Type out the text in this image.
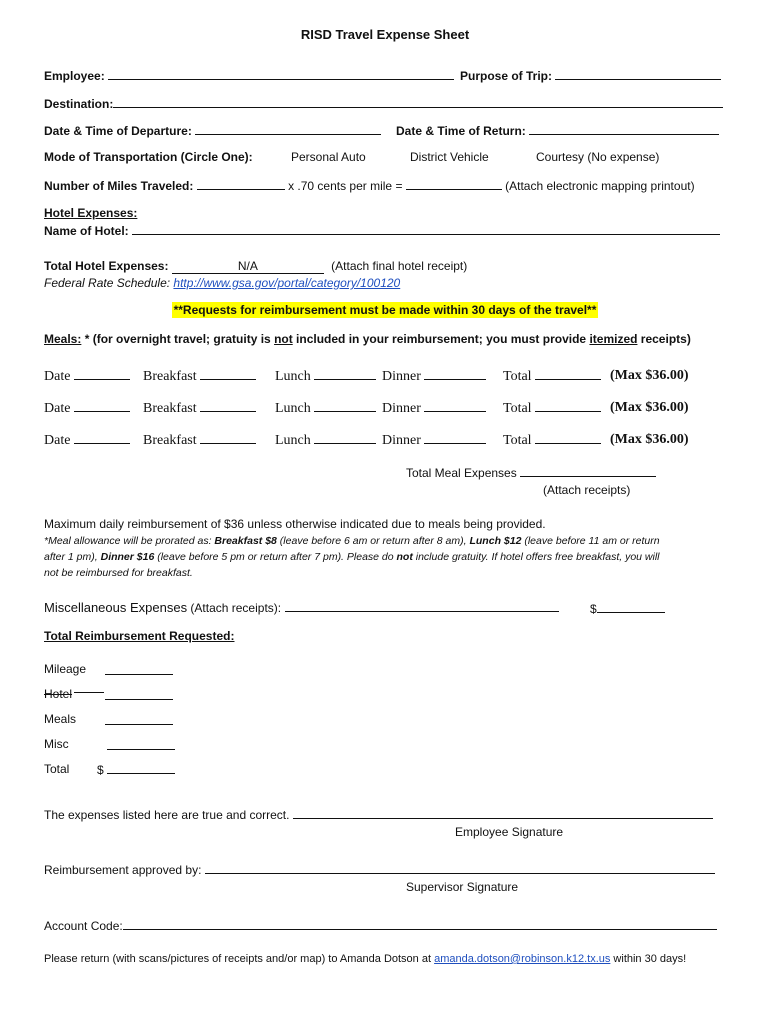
RISD Travel Expense Sheet
Employee:	Purpose of Trip:
Destination:
Date & Time of Departure:	Date & Time of Return:
Mode of Transportation (Circle One):	Personal Auto	District Vehicle	Courtesy (No expense)
Number of Miles Traveled:	x .70 cents per mile =	(Attach electronic mapping printout)
Hotel Expenses:
Name of Hotel:
Total Hotel Expenses:	N/A	(Attach final hotel receipt)
Federal Rate Schedule: http://www.gsa.gov/portal/category/100120
**Requests for reimbursement must be made within 30 days of the travel**
Meals: * (for overnight travel; gratuity is not included in your reimbursement; you must provide itemized receipts)
Date	Breakfast	Lunch	Dinner	Total	(Max $36.00)
Date	Breakfast	Lunch	Dinner	Total	(Max $36.00)
Date	Breakfast	Lunch	Dinner	Total	(Max $36.00)
Total Meal Expenses
(Attach receipts)
Maximum daily reimbursement of $36 unless otherwise indicated due to meals being provided.
*Meal allowance will be prorated as: Breakfast $8 (leave before 6 am or return after 8 am), Lunch $12 (leave before 11 am or return
after 1 pm), Dinner $16 (leave before 5 pm or return after 7 pm). Please do not include gratuity. If hotel offers free breakfast, you will
not be reimbursed for breakfast.
Miscellaneous Expenses (Attach receipts):	$
Total Reimbursement Requested:
Mileage
Hotel
Meals
Misc
Total $
The expenses listed here are true and correct.
Employee Signature
Reimbursement approved by:
Supervisor Signature
Account Code:
Please return (with scans/pictures of receipts and/or map) to Amanda Dotson at amanda.dotson@robinson.k12.tx.us within 30 days!
